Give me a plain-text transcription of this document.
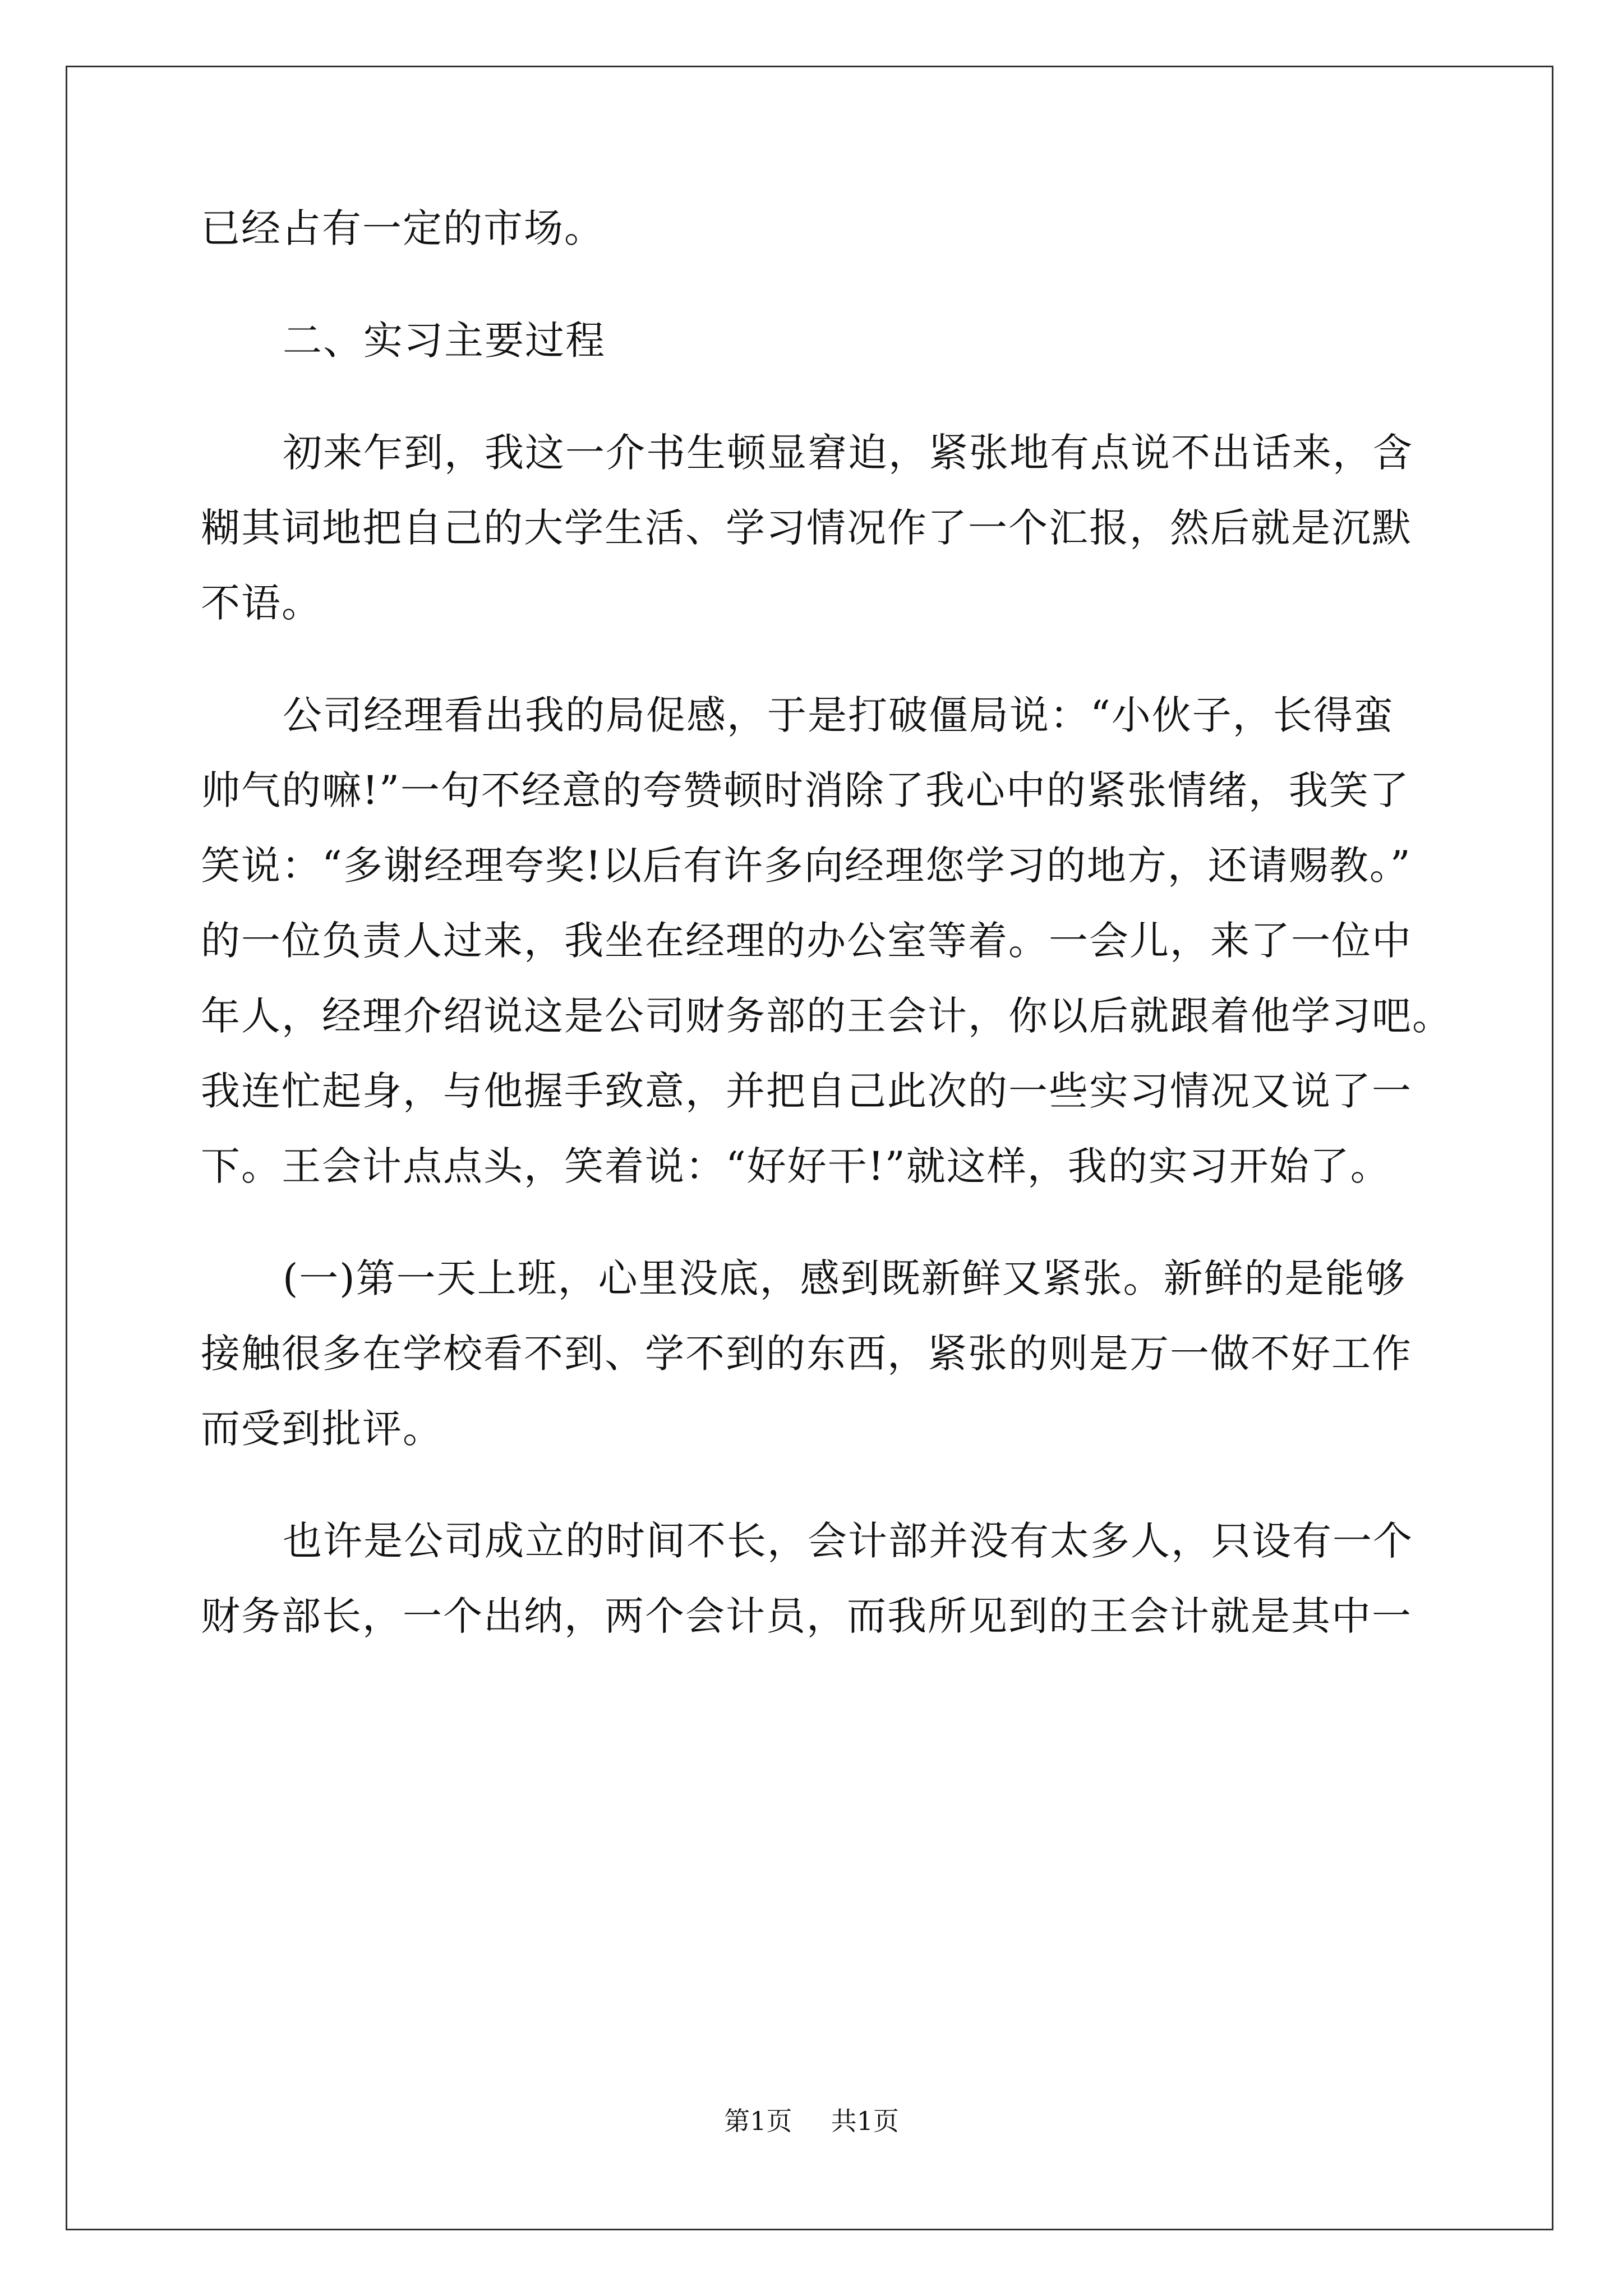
已经占有一定的市场。
二、实习主要过程
初来乍到，我这一介书生顿显窘迫，紧张地有点说不出话来，含
糊其词地把自己的大学生活、学习情况作了一个汇报，然后就是沉默
不语。
公司经理看出我的局促感，于是打破僵局说：“小伙子，长得蛮
帅气的嘛!”一句不经意的夸赞顿时消除了我心中的紧张情绪，我笑了
笑说：“多谢经理夸奖!以后有许多向经理您学习的地方，还请赐教。”
的一位负责人过来，我坐在经理的办公室等着。一会儿，来了一位中
年人，经理介绍说这是公司财务部的王会计，你以后就跟着他学习吧。
我连忙起身，与他握手致意，并把自己此次的一些实习情况又说了一
下。王会计点点头，笑着说：“好好干!”就这样，我的实习开始了。
(一)第一天上班，心里没底，感到既新鲜又紧张。新鲜的是能够
接触很多在学校看不到、学不到的东西，紧张的则是万一做不好工作
而受到批评。
也许是公司成立的时间不长，会计部并没有太多人，只设有一个
财务部长，一个出纳，两个会计员，而我所见到的王会计就是其中一
第1页 共1页
